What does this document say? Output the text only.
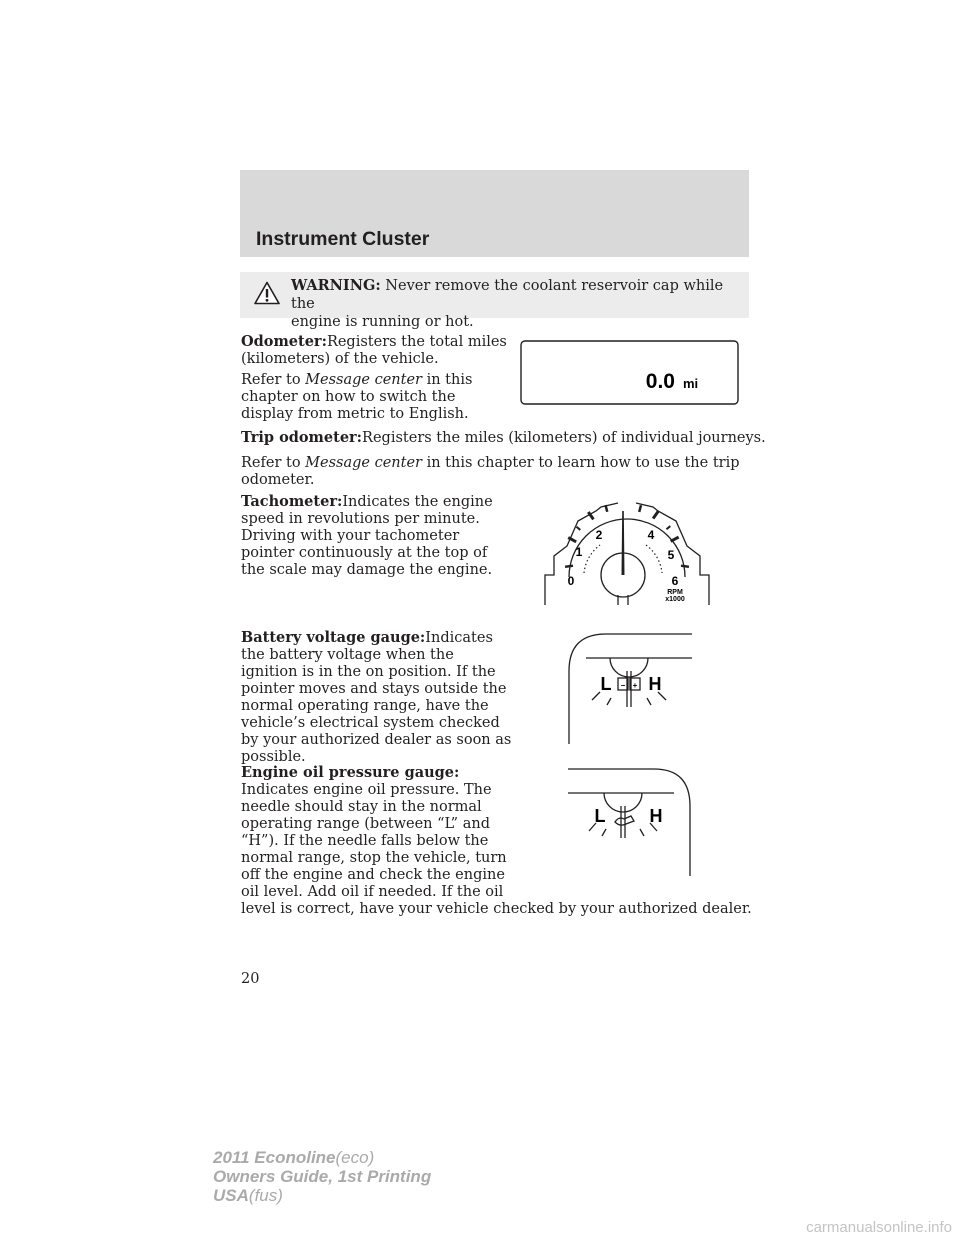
Instrument Cluster
WARNING: Never remove the coolant reservoir cap while the
engine is running or hot.

Odometer:Registers the total miles
(kilometers) of the vehicle.

Refer to Message center in this
chapter on how to switch the
display from metric to English.

0.0 mi

Trip odometer:Registers the miles (kilometers) of individual journeys.

Refer to Message center in this chapter to learn how to use the trip
odometer.

Tachometer:Indicates the engine
speed in revolutions per minute.
Driving with your tachometer
pointer continuously at the top of
the scale may damage the engine.

0
1
2	4
5
6
RPM
x1000

Battery voltage gauge:Indicates
the battery voltage when the
ignition is in the on position. If the
pointer moves and stays outside the
normal operating range, have the
vehicle’s electrical system checked
by your authorized dealer as soon as
possible.

L H
− +

Engine oil pressure gauge:
Indicates engine oil pressure. The
needle should stay in the normal
operating range (between “L” and
“H”). If the needle falls below the
normal range, stop the vehicle, turn
off the engine and check the engine
oil level. Add oil if needed. If the oil
level is correct, have your vehicle checked by your authorized dealer.

L H
20
2011 Econoline(eco)
Owners Guide, 1st Printing
USA(fus)
carmanualsonline.info
